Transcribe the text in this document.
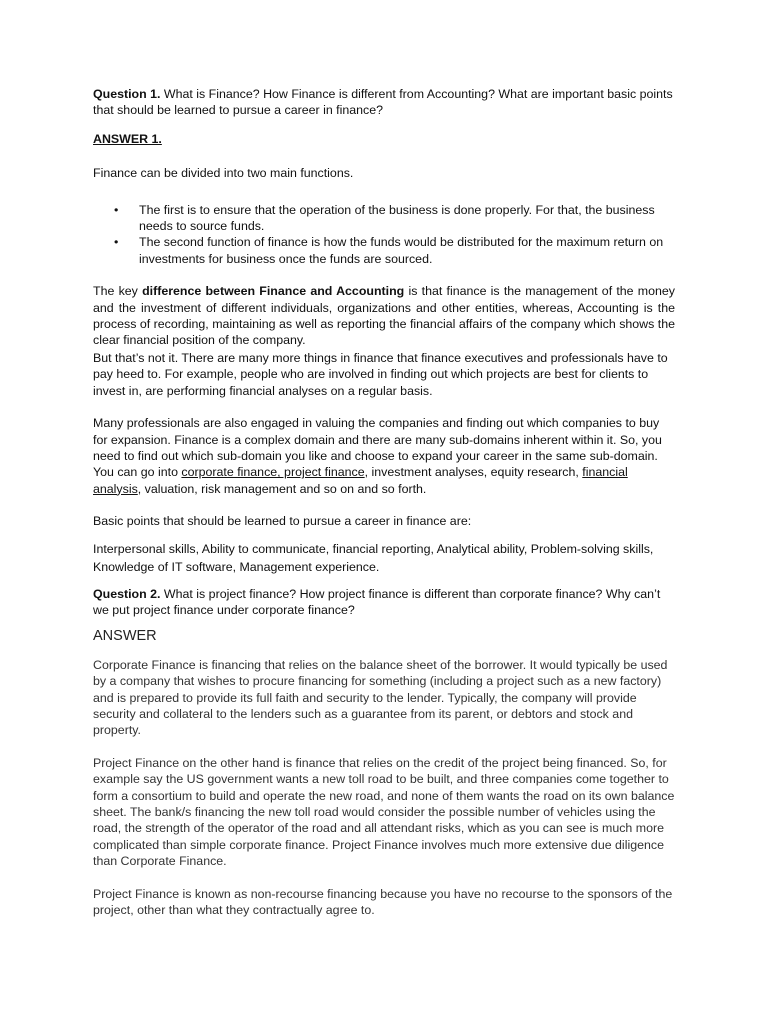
Question 1. What is Finance? How Finance is different from Accounting? What are important basic points that should be learned to pursue a career in finance?

ANSWER 1.

Finance can be divided into two main functions.

• The first is to ensure that the operation of the business is done properly. For that, the business needs to source funds.
• The second function of finance is how the funds would be distributed for the maximum return on investments for business once the funds are sourced.

The key difference between Finance and Accounting is that finance is the management of the money and the investment of different individuals, organizations and other entities, whereas, Accounting is the process of recording, maintaining as well as reporting the financial affairs of the company which shows the clear financial position of the company.

But that’s not it. There are many more things in finance that finance executives and professionals have to pay heed to. For example, people who are involved in finding out which projects are best for clients to invest in, are performing financial analyses on a regular basis.

Many professionals are also engaged in valuing the companies and finding out which companies to buy for expansion. Finance is a complex domain and there are many sub-domains inherent within it. So, you need to find out which sub-domain you like and choose to expand your career in the same sub-domain. You can go into corporate finance, project finance, investment analyses, equity research, financial analysis, valuation, risk management and so on and so forth.

Basic points that should be learned to pursue a career in finance are:

Interpersonal skills, Ability to communicate, financial reporting, Analytical ability, Problem-solving skills, Knowledge of IT software, Management experience.

Question 2. What is project finance? How project finance is different than corporate finance? Why can’t we put project finance under corporate finance?

ANSWER

Corporate Finance is financing that relies on the balance sheet of the borrower. It would typically be used by a company that wishes to procure financing for something (including a project such as a new factory) and is prepared to provide its full faith and security to the lender. Typically, the company will provide security and collateral to the lenders such as a guarantee from its parent, or debtors and stock and property.

Project Finance on the other hand is finance that relies on the credit of the project being financed. So, for example say the US government wants a new toll road to be built, and three companies come together to form a consortium to build and operate the new road, and none of them wants the road on its own balance sheet. The bank/s financing the new toll road would consider the possible number of vehicles using the road, the strength of the operator of the road and all attendant risks, which as you can see is much more complicated than simple corporate finance. Project Finance involves much more extensive due diligence than Corporate Finance.

Project Finance is known as non-recourse financing because you have no recourse to the sponsors of the project, other than what they contractually agree to.
